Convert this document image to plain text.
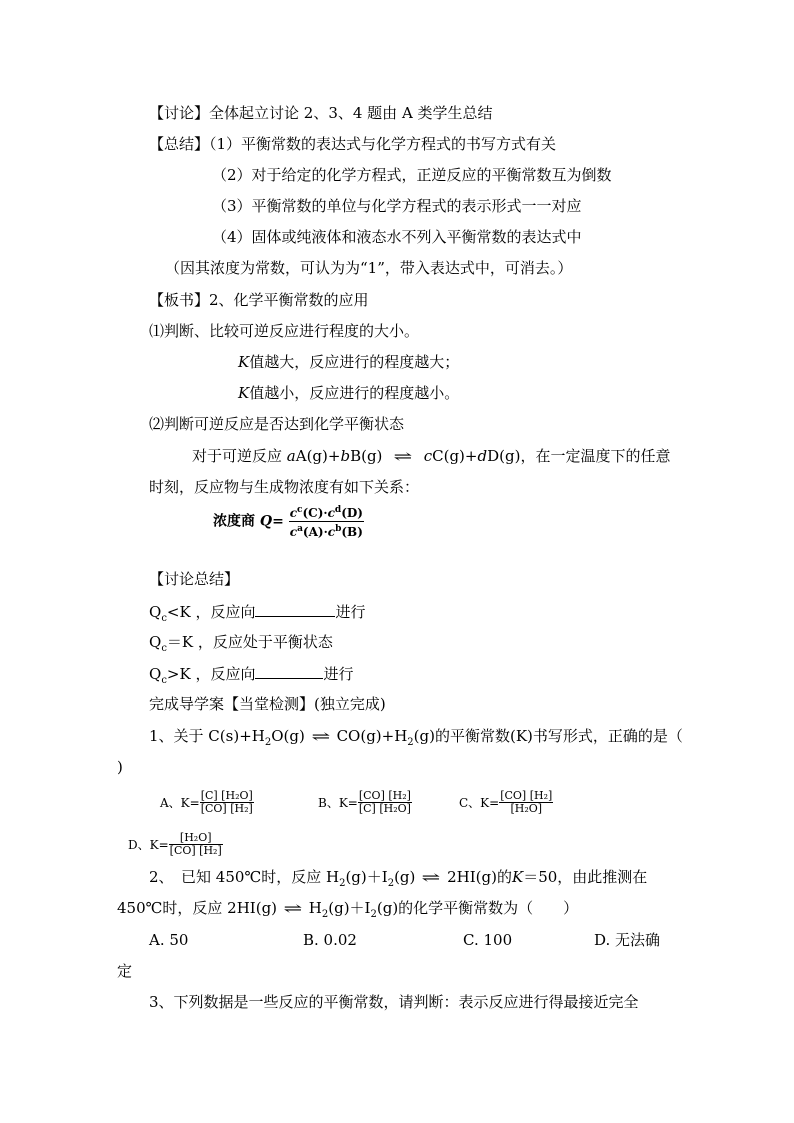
【讨论】全体起立讨论 2、3、4 题由 A 类学生总结
【总结】（1）平衡常数的表达式与化学方程式的书写方式有关
（2）对于给定的化学方程式，正逆反应的平衡常数互为倒数
（3）平衡常数的单位与化学方程式的表示形式一一对应
（4）固体或纯液体和液态水不列入平衡常数的表达式中
（因其浓度为常数，可认为为“1”，带入表达式中，可消去。）
【板书】2、化学平衡常数的应用
⑴判断、比较可逆反应进行程度的大小。
K值越大，反应进行的程度越大；
K值越小，反应进行的程度越小。
⑵判断可逆反应是否达到化学平衡状态
对于可逆反应 aA(g)+bB(g) ⇌ cC(g)+dD(g)，在一定温度下的任意
时刻，反应物与生成物浓度有如下关系：
浓度商 $Q= \frac{c^c(C)\cdot c^d(D)}{c^a(A)\cdot c^b(B)}$
【讨论总结】
$Q_c<K$ ，反应向	进行
$Q_c=K$ ，反应处于平衡状态
$Q_c>K$ ，反应向	进行
完成导学案【当堂检测】(独立完成)
1、关于 $C(s)+H_2O(g)$ ⇌ $CO(g)+H_2(g)$的平衡常数(K)书写形式，正确的是（
)
A、$K= \frac{\text{[C] [H₂O]}}{\text{[CO] [H₂]}}$	B、$K= \frac{\text{[CO] [H₂]}}{\text{[C] [H₂O]}}$	C、$K= \frac{\text{[CO] [H₂]}}{\text{[H₂O]}}$
D、$K= \frac{\text{[H₂O]}}{\text{[CO] [H₂]}}$
2、　已知 450℃时，反应 $H_2(g)+I_2(g)$ ⇌ 2HI(g)的K＝50，由此推测在
450℃时，反应 2HI(g) ⇌ $H_2(g)+I_2(g)$的化学平衡常数为（　　）
A. 50	B. 0.02	C. 100	D. 无法确
定
3、下列数据是一些反应的平衡常数，请判断：表示反应进行得最接近完全
